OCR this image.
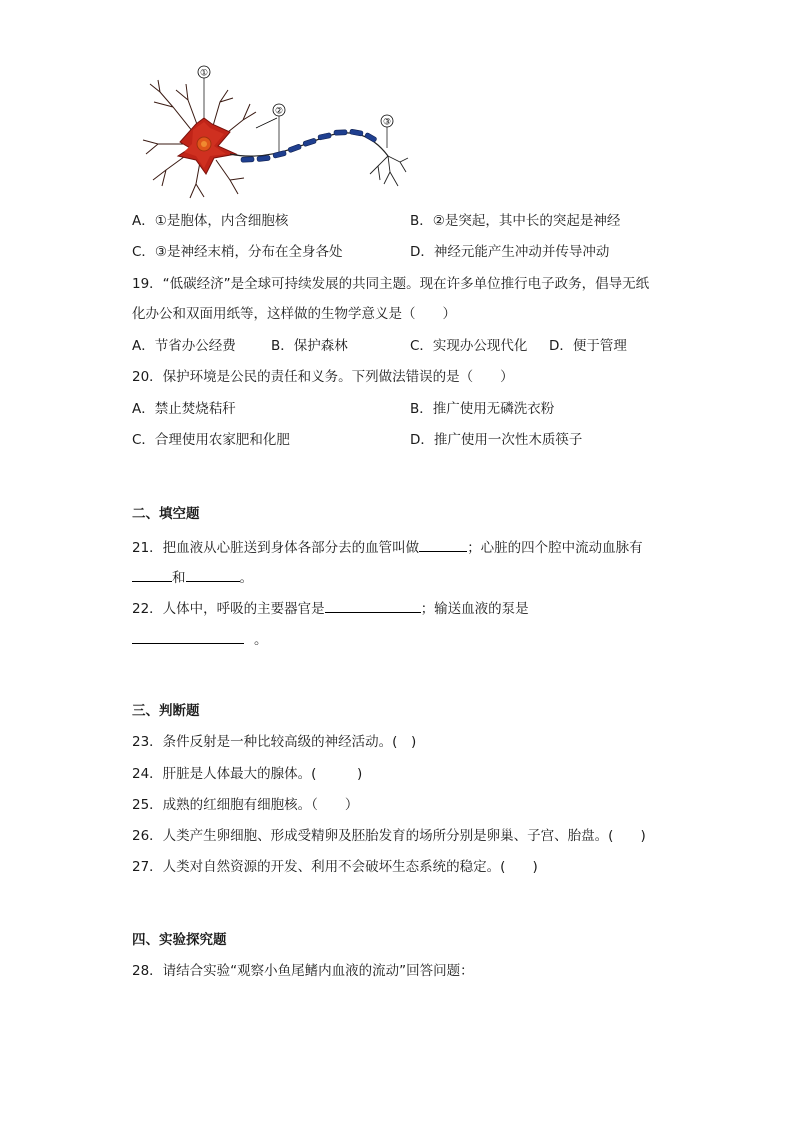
①
②
③
A．①是胞体，内含细胞核	B．②是突起，其中长的突起是神经
C．③是神经末梢，分布在全身各处	D．神经元能产生冲动并传导冲动
19．“低碳经济”是全球可持续发展的共同主题。现在许多单位推行电子政务，倡导无纸
化办公和双面用纸等，这样做的生物学意义是（　　）
A．节省办公经费	B．保护森林	C．实现办公现代化 D．便于管理
20．保护环境是公民的责任和义务。下列做法错误的是（　　）
A．禁止焚烧秸秆	B．推广使用无磷洗衣粉
C．合理使用农家肥和化肥	D．推广使用一次性木质筷子
二、填空题
21．把血液从心脏送到身体各部分去的血管叫做	；心脏的四个腔中流动血脉有
和	。
22．人体中，呼吸的主要器官是	；输送血液的泵是
。
三、判断题
23．条件反射是一种比较高级的神经活动。(　)
24．肝脏是人体最大的腺体。(　　　)
25．成熟的红细胞有细胞核。（　　）
26．人类产生卵细胞、形成受精卵及胚胎发育的场所分别是卵巢、子宫、胎盘。(　　)
27．人类对自然资源的开发、利用不会破坏生态系统的稳定。(　　)
四、实验探究题
28．请结合实验“观察小鱼尾鳍内血液的流动”回答问题：
